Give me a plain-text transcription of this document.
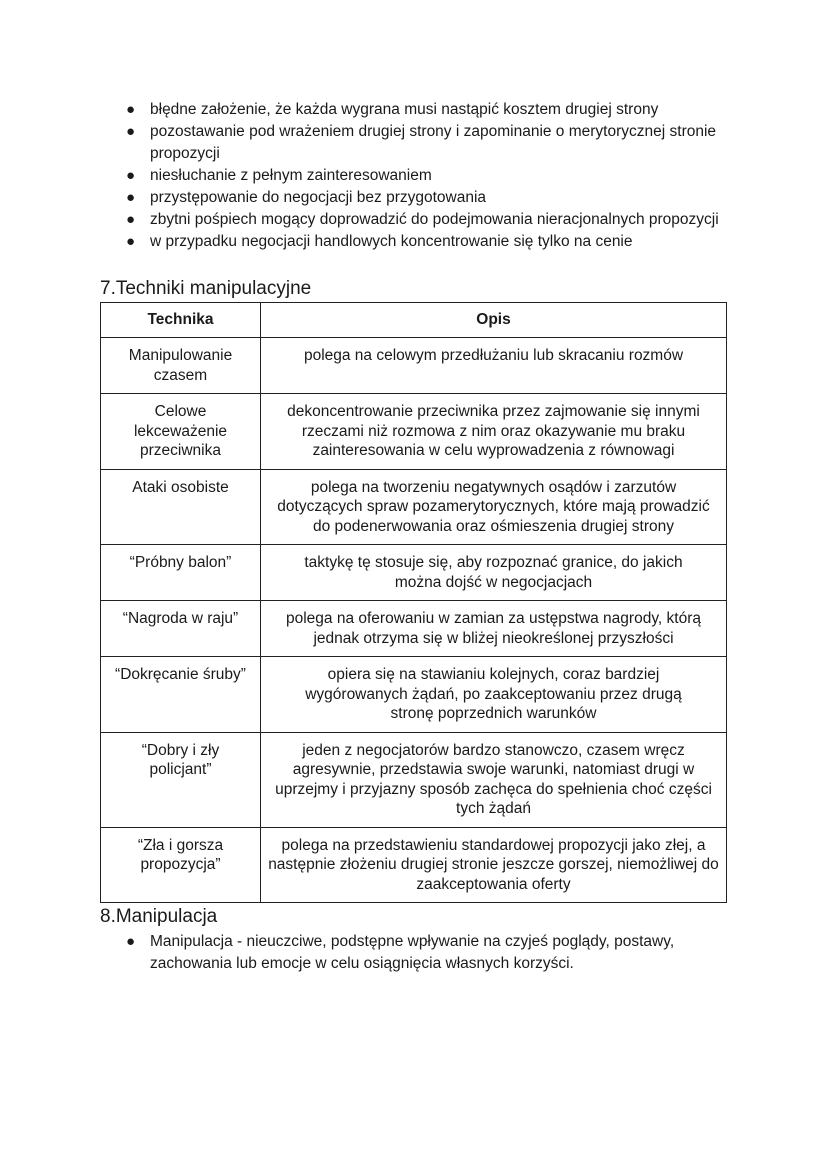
● błędne założenie, że każda wygrana musi nastąpić kosztem drugiej strony
● pozostawanie pod wrażeniem drugiej strony i zapominanie o merytorycznej stronie propozycji
● niesłuchanie z pełnym zainteresowaniem
● przystępowanie do negocjacji bez przygotowania
● zbytni pośpiech mogący doprowadzić do podejmowania nieracjonalnych propozycji
● w przypadku negocjacji handlowych koncentrowanie się tylko na cenie
7.Techniki manipulacyjne
Technika	Opis

Manipulowanie czasem	polega na celowym przedłużaniu lub skracaniu rozmów

Celowe lekceważenie przeciwnika	dekoncentrowanie przeciwnika przez zajmowanie się innymi rzeczami niż rozmowa z nim oraz okazywanie mu braku zainteresowania w celu wyprowadzenia z równowagi

Ataki osobiste	polega na tworzeniu negatywnych osądów i zarzutów dotyczących spraw pozamerytorycznych, które mają prowadzić do podenerwowania oraz ośmieszenia drugiej strony

“Próbny balon”	taktykę tę stosuje się, aby rozpoznać granice, do jakich można dojść w negocjacjach

“Nagroda w raju”	polega na oferowaniu w zamian za ustępstwa nagrody, którą jednak otrzyma się w bliżej nieokreślonej przyszłości

“Dokręcanie śruby”	opiera się na stawianiu kolejnych, coraz bardziej wygórowanych żądań, po zaakceptowaniu przez drugą stronę poprzednich warunków

“Dobry i zły policjant”	jeden z negocjatorów bardzo stanowczo, czasem wręcz agresywnie, przedstawia swoje warunki, natomiast drugi w uprzejmy i przyjazny sposób zachęca do spełnienia choć części tych żądań

“Zła i gorsza propozycja”	polega na przedstawieniu standardowej propozycji jako złej, a następnie złożeniu drugiej stronie jeszcze gorszej, niemożliwej do zaakceptowania oferty
8.Manipulacja
● Manipulacja - nieuczciwe, podstępne wpływanie na czyjeś poglądy, postawy, zachowania lub emocje w celu osiągnięcia własnych korzyści.
